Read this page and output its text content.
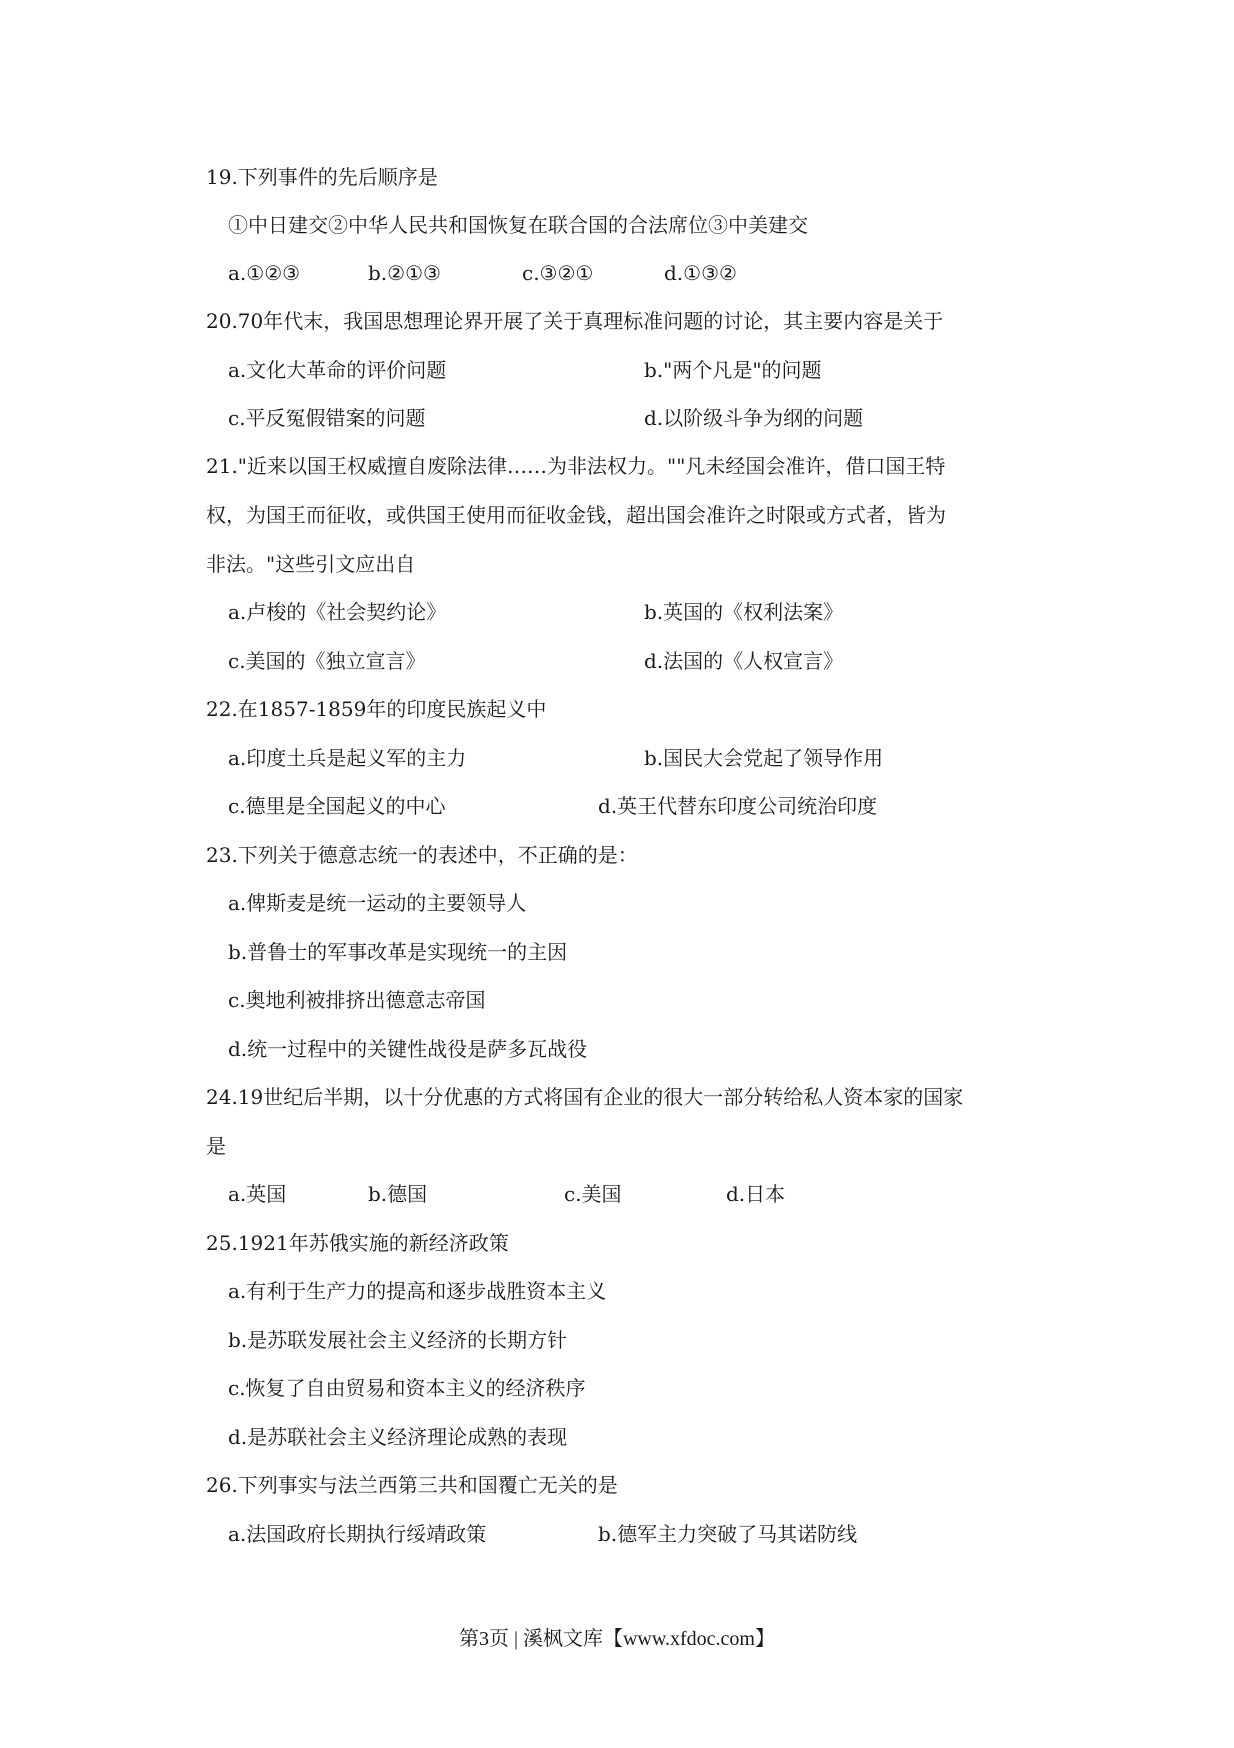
19.下列事件的先后顺序是
①中日建交②中华人民共和国恢复在联合国的合法席位③中美建交
a.①②③	b.②①③	c.③②①	d.①③②
20.70年代末，我国思想理论界开展了关于真理标准问题的讨论，其主要内容是关于
a.文化大革命的评价问题	b."两个凡是"的问题
c.平反冤假错案的问题	d.以阶级斗争为纲的问题
21."近来以国王权威擅自废除法律……为非法权力。""凡未经国会准许，借口国王特
权，为国王而征收，或供国王使用而征收金钱，超出国会准许之时限或方式者，皆为
非法。"这些引文应出自
a.卢梭的《社会契约论》	b.英国的《权利法案》
c.美国的《独立宣言》	d.法国的《人权宣言》
22.在1857-1859年的印度民族起义中
a.印度土兵是起义军的主力	b.国民大会党起了领导作用
c.德里是全国起义的中心	d.英王代替东印度公司统治印度
23.下列关于德意志统一的表述中，不正确的是：
a.俾斯麦是统一运动的主要领导人
b.普鲁士的军事改革是实现统一的主因
c.奥地利被排挤出德意志帝国
d.统一过程中的关键性战役是萨多瓦战役
24.19世纪后半期，以十分优惠的方式将国有企业的很大一部分转给私人资本家的国家
是
a.英国	b.德国	c.美国	d.日本
25.1921年苏俄实施的新经济政策
a.有利于生产力的提高和逐步战胜资本主义
b.是苏联发展社会主义经济的长期方针
c.恢复了自由贸易和资本主义的经济秩序
d.是苏联社会主义经济理论成熟的表现
26.下列事实与法兰西第三共和国覆亡无关的是
a.法国政府长期执行绥靖政策	b.德军主力突破了马其诺防线
第3页 | 溪枫文库【www.xfdoc.com】
